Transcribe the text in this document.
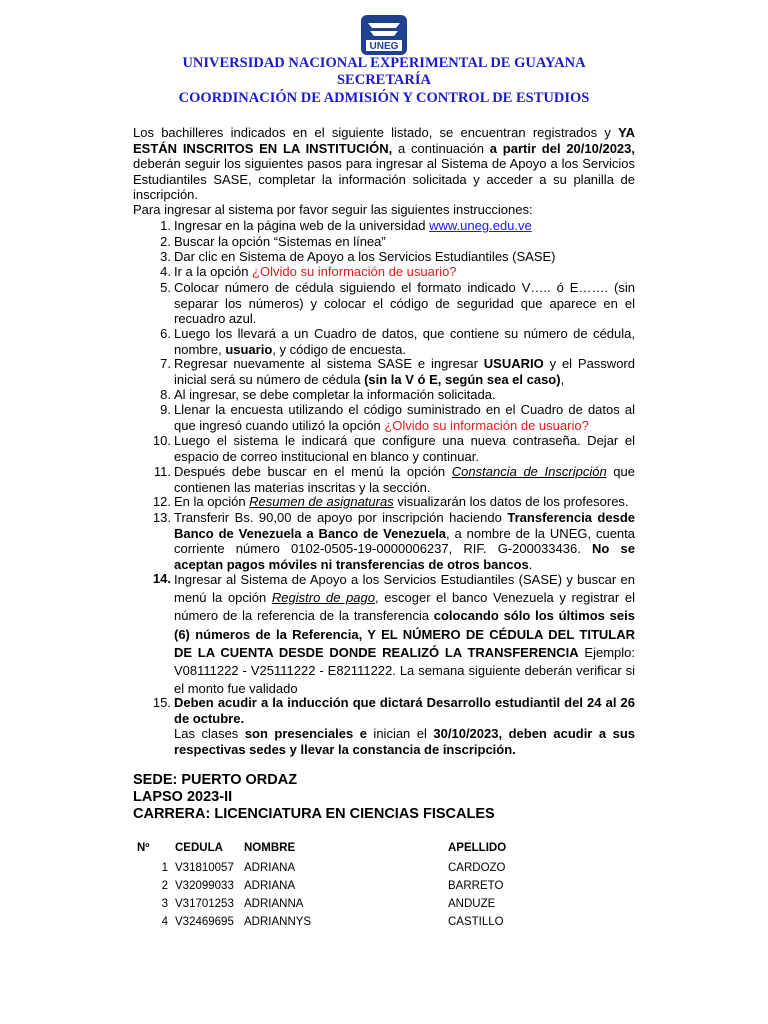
UNEG
UNIVERSIDAD NACIONAL EXPERIMENTAL DE GUAYANA
SECRETARÍA
COORDINACIÓN DE ADMISIÓN Y CONTROL DE ESTUDIOS
Los bachilleres indicados en el siguiente listado, se encuentran registrados y YA ESTÁN INSCRITOS EN LA INSTITUCIÓN, a continuación a partir del 20/10/2023, deberán seguir los siguientes pasos para ingresar al Sistema de Apoyo a los Servicios Estudiantiles SASE, completar la información solicitada y acceder a su planilla de inscripción.
Para ingresar al sistema por favor seguir las siguientes instrucciones:
1. Ingresar en la página web de la universidad www.uneg.edu.ve
2. Buscar la opción “Sistemas en línea”
3. Dar clic en Sistema de Apoyo a los Servicios Estudiantiles (SASE)
4. Ir a la opción ¿Olvido su información de usuario?
5. Colocar número de cédula siguiendo el formato indicado V….. ó E……. (sin separar los números) y colocar el código de seguridad que aparece en el recuadro azul.
6. Luego los llevará a un Cuadro de datos, que contiene su número de cédula, nombre, usuario, y código de encuesta.
7. Regresar nuevamente al sistema SASE e ingresar USUARIO y el Password inicial será su número de cédula (sin la V ó E, según sea el caso),
8. Al ingresar, se debe completar la información solicitada.
9. Llenar la encuesta utilizando el código suministrado en el Cuadro de datos al que ingresó cuando utilizó la opción ¿Olvido su información de usuario?
10. Luego el sistema le indicará que configure una nueva contraseña. Dejar el espacio de correo institucional en blanco y continuar.
11. Después debe buscar en el menú la opción Constancia de Inscripción que contienen las materias inscritas y la sección.
12. En la opción Resumen de asignaturas visualizarán los datos de los profesores.
13. Transferir Bs. 90,00 de apoyo por inscripción haciendo Transferencia desde Banco de Venezuela a Banco de Venezuela, a nombre de la UNEG, cuenta corriente número 0102-0505-19-0000006237, RIF. G-200033436. No se aceptan pagos móviles ni transferencias de otros bancos.
14. Ingresar al Sistema de Apoyo a los Servicios Estudiantiles (SASE) y buscar en menú la opción Registro de pago, escoger el banco Venezuela y registrar el número de la referencia de la transferencia colocando sólo los últimos seis (6) números de la Referencia, Y EL NÚMERO DE CÉDULA DEL TITULAR DE LA CUENTA DESDE DONDE REALIZÓ LA TRANSFERENCIA Ejemplo: V08111222 - V25111222 - E82111222. La semana siguiente deberán verificar si el monto fue validado
15. Deben acudir a la inducción que dictará Desarrollo estudiantil del 24 al 26 de octubre.
Las clases son presenciales e inician el 30/10/2023, deben acudir a sus respectivas sedes y llevar la constancia de inscripción.
SEDE: PUERTO ORDAZ
LAPSO 2023-II
CARRERA: LICENCIATURA EN CIENCIAS FISCALES
Nº CEDULA NOMBRE	APELLIDO
1 V31810057 ADRIANA	CARDOZO
2 V32099033 ADRIANA	BARRETO
3 V31701253 ADRIANNA	ANDUZE
4 V32469695 ADRIANNYS	CASTILLO
